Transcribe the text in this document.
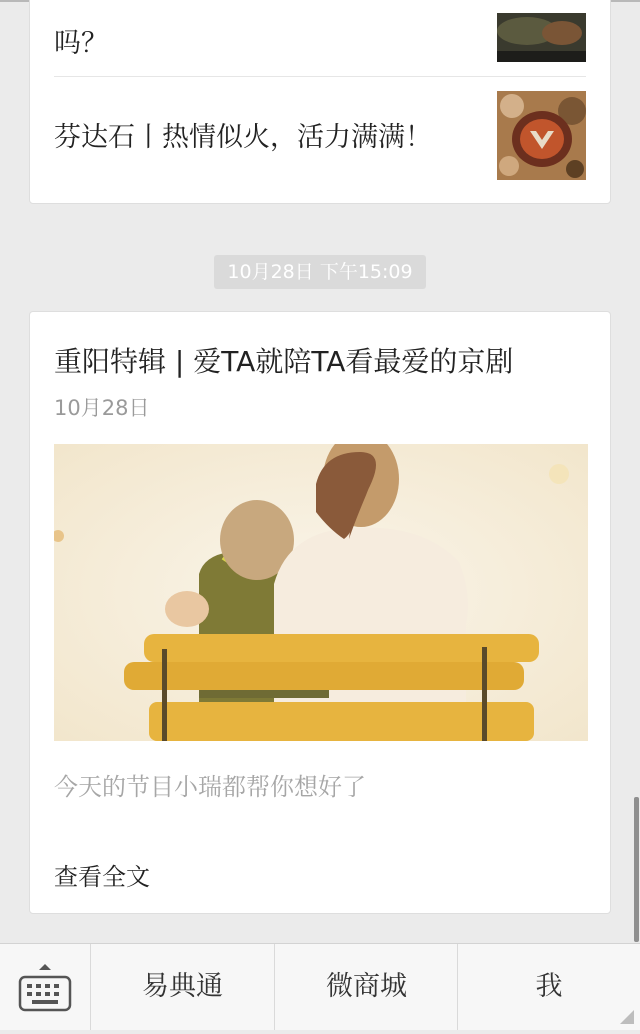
吗？
芬达石丨热情似火，活力满满！
10月28日 下午15:09
重阳特辑 | 爱TA就陪TA看最爱的京剧
10月28日
今天的节目小瑞都帮你想好了
查看全文
易典通	微商城	我
